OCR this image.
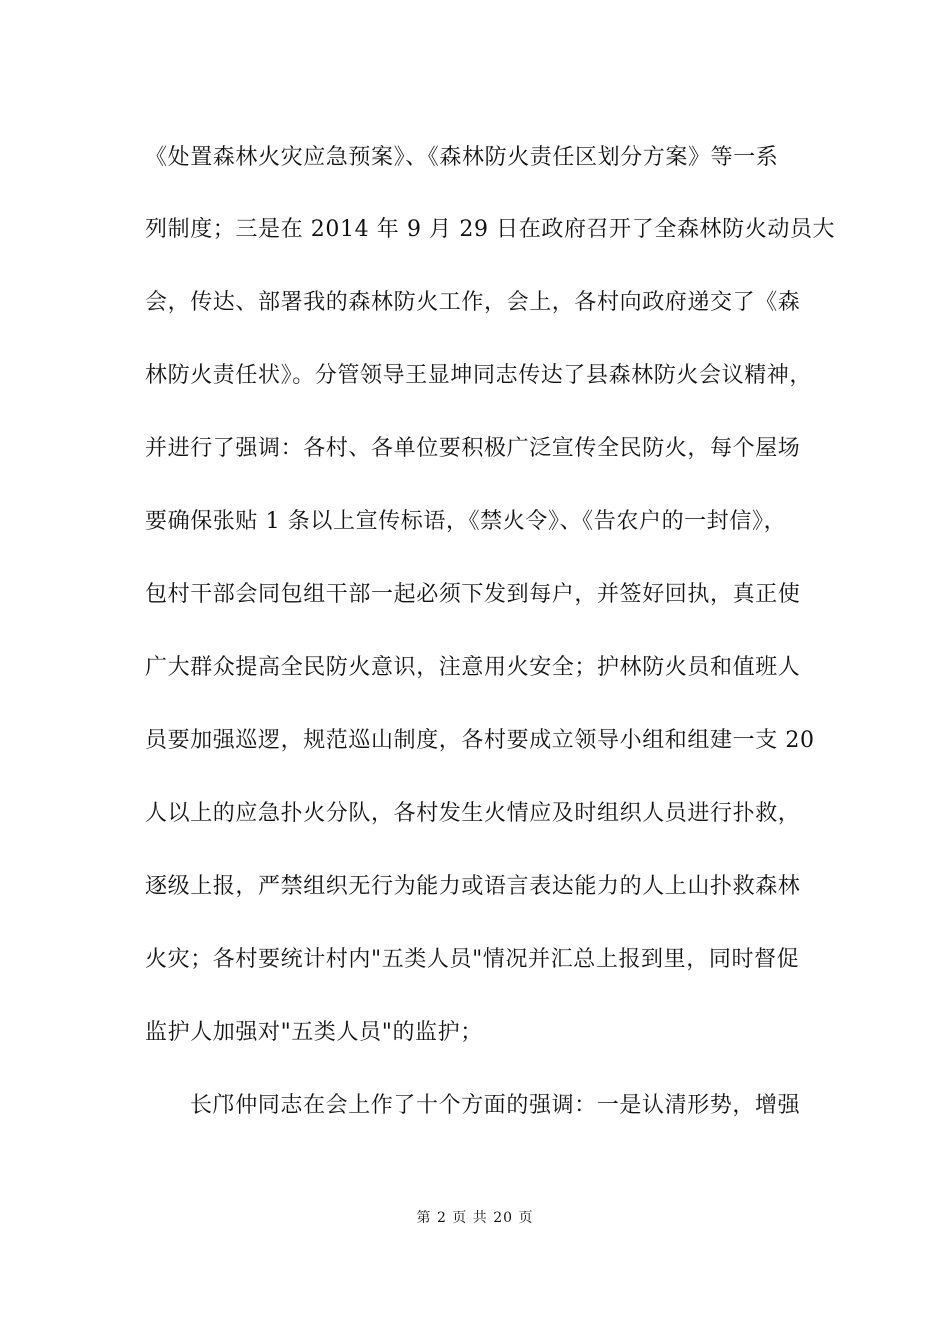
《处置森林火灾应急预案》、《森林防火责任区划分方案》等一系
列制度；三是在 2014 年 9 月 29 日在政府召开了全森林防火动员大
会，传达、部署我的森林防火工作，会上，各村向政府递交了《森
林防火责任状》。分管领导王显坤同志传达了县森林防火会议精神，
并进行了强调：各村、各单位要积极广泛宣传全民防火，每个屋场
要确保张贴 1 条以上宣传标语，《禁火令》、《告农户的一封信》，
包村干部会同包组干部一起必须下发到每户，并签好回执，真正使
广大群众提高全民防火意识，注意用火安全；护林防火员和值班人
员要加强巡逻，规范巡山制度，各村要成立领导小组和组建一支 20
人以上的应急扑火分队，各村发生火情应及时组织人员进行扑救，
逐级上报，严禁组织无行为能力或语言表达能力的人上山扑救森林
火灾；各村要统计村内"五类人员"情况并汇总上报到里，同时督促
监护人加强对"五类人员"的监护；
长邝仲同志在会上作了十个方面的强调：一是认清形势，增强
第 2 页 共 20 页
